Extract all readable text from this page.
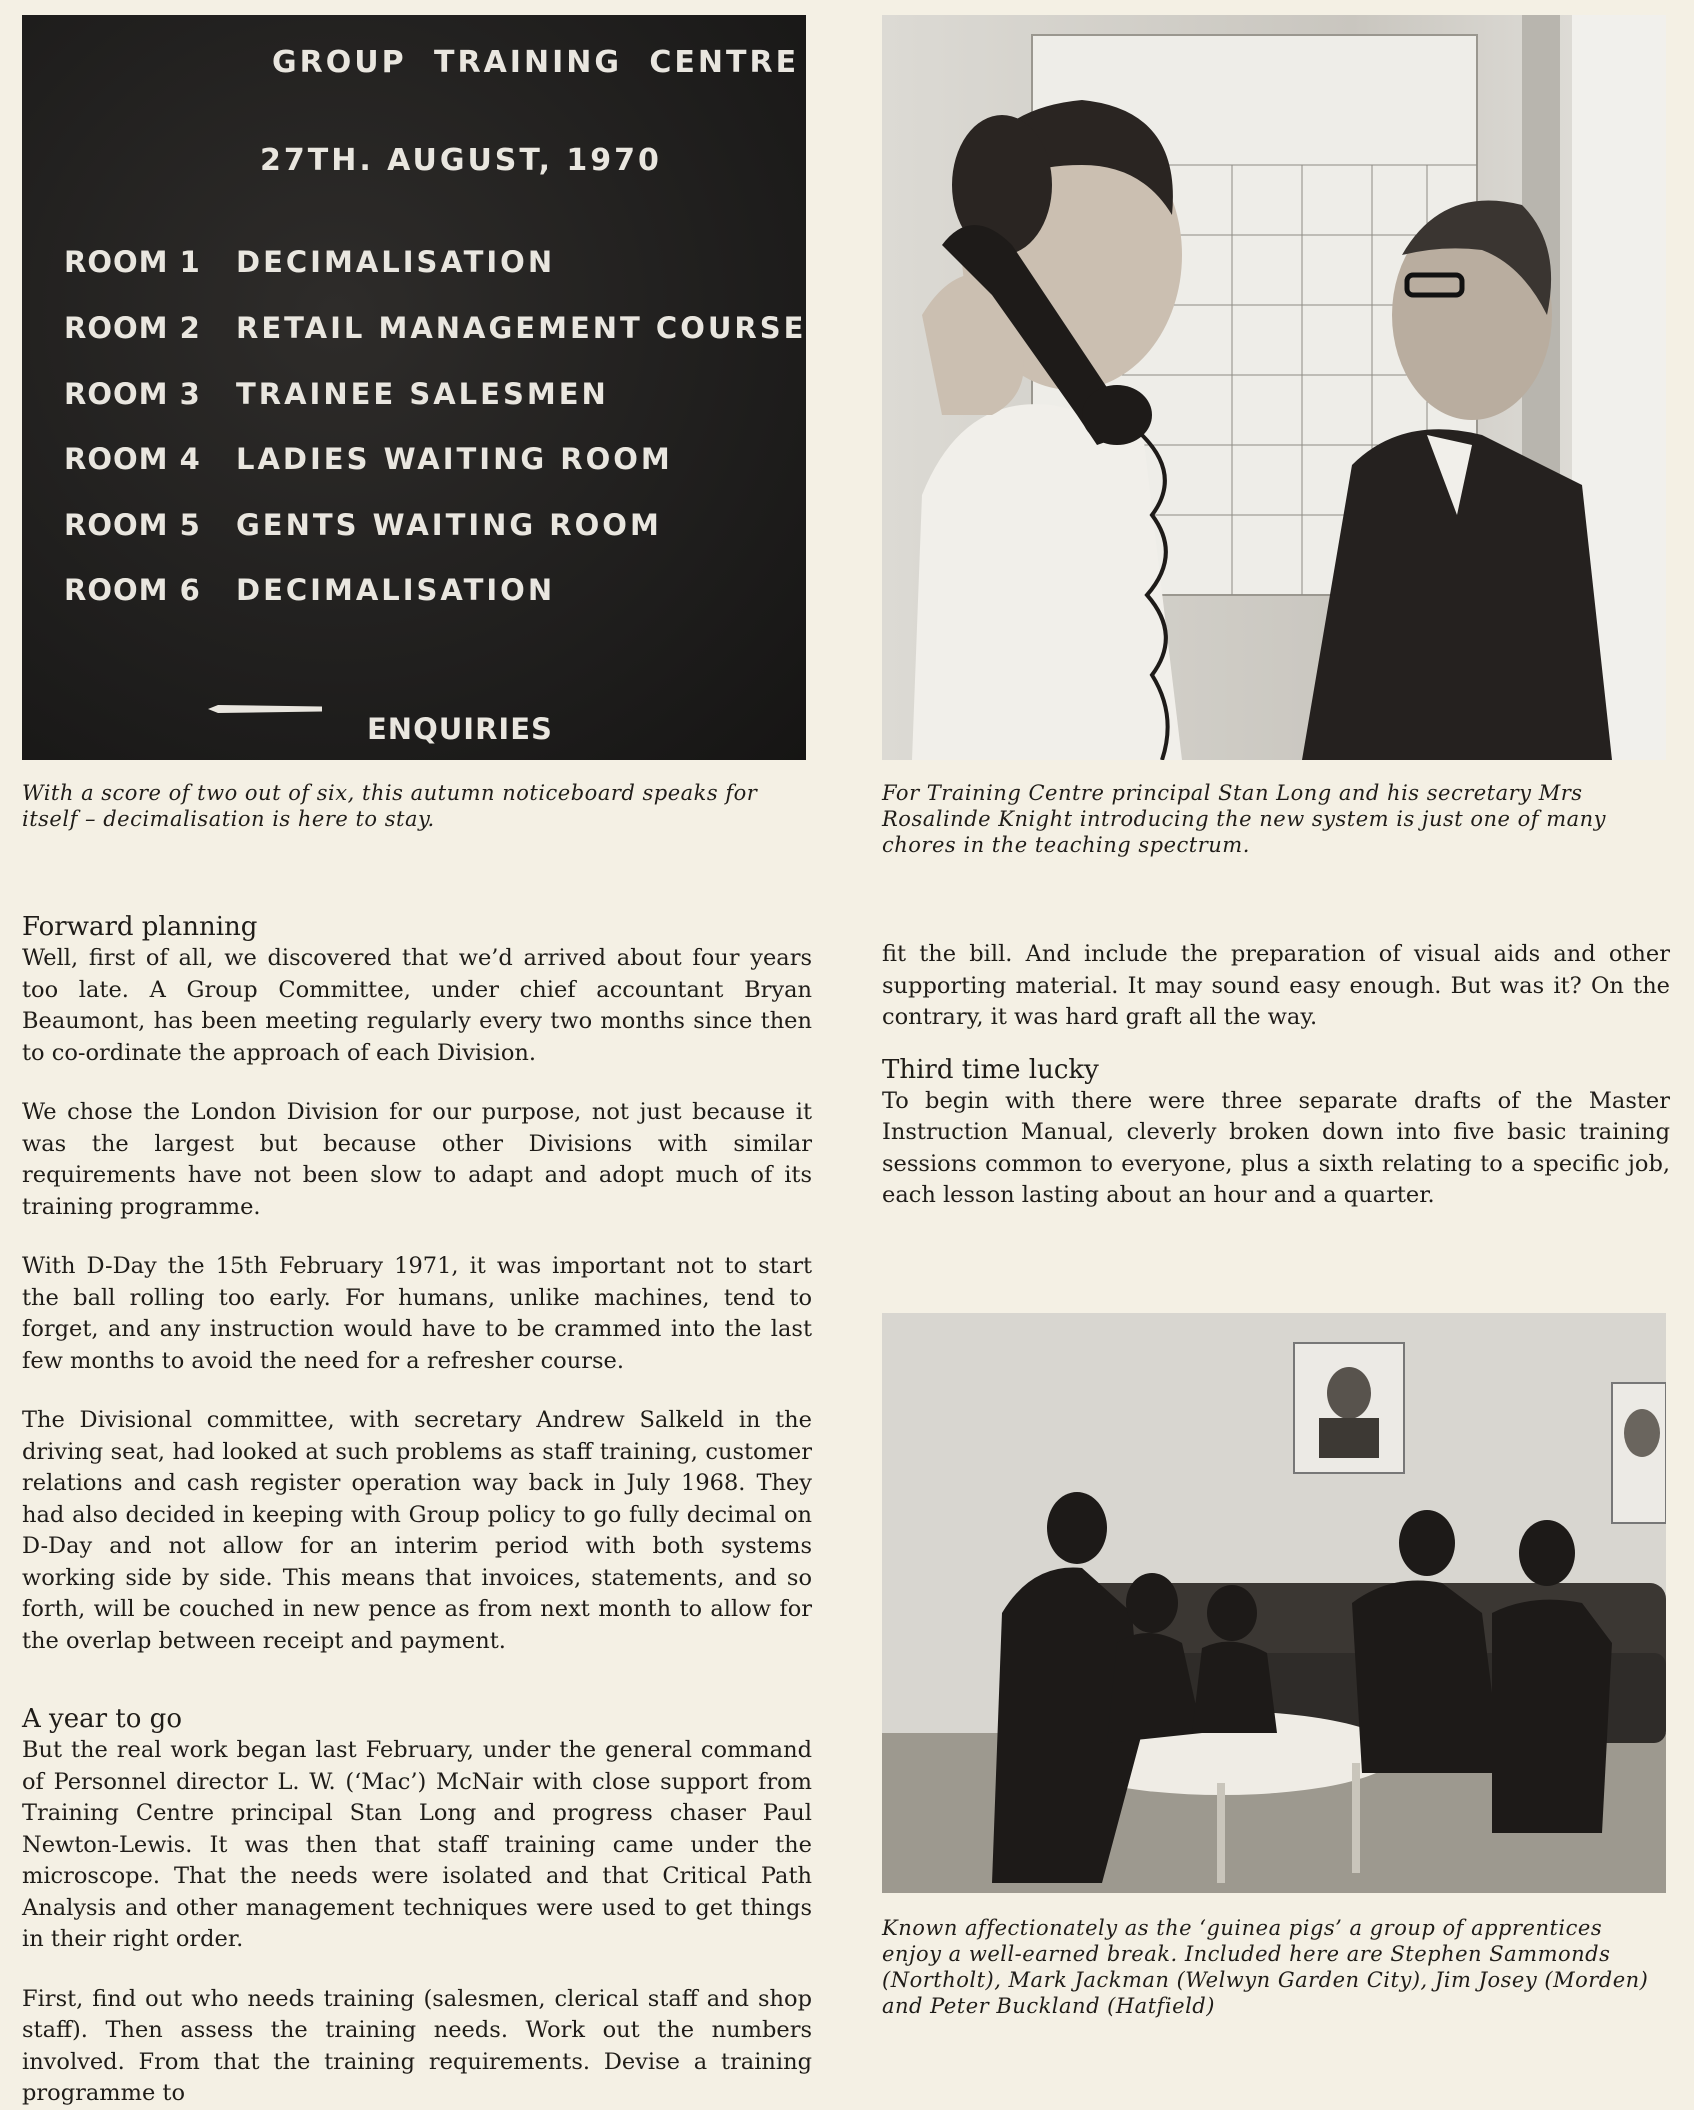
GROUP TRAINING CENTRE
27TH. AUGUST, 1970
ROOM 1 DECIMALISATION
ROOM 2 RETAIL MANAGEMENT COURSE
ROOM 3 TRAINEE SALESMEN
ROOM 4 LADIES WAITING ROOM
ROOM 5 GENTS WAITING ROOM
ROOM 6 DECIMALISATION
ENQUIRIES
With a score of two out of six, this autumn noticeboard speaks for itself – decimalisation is here to stay.
For Training Centre principal Stan Long and his secretary Mrs Rosalinde Knight introducing the new system is just one of many chores in the teaching spectrum.
Forward planning

Well, first of all, we discovered that we’d arrived about four years too late. A Group Committee, under chief accountant Bryan Beaumont, has been meeting regularly every two months since then to co-ordinate the approach of each Division.

We chose the London Division for our purpose, not just because it was the largest but because other Divisions with similar requirements have not been slow to adapt and adopt much of its training programme.

With D-Day the 15th February 1971, it was important not to start the ball rolling too early. For humans, unlike machines, tend to forget, and any instruction would have to be crammed into the last few months to avoid the need for a refresher course.

The Divisional committee, with secretary Andrew Salkeld in the driving seat, had looked at such problems as staff training, customer relations and cash register operation way back in July 1968. They had also decided in keeping with Group policy to go fully decimal on D-Day and not allow for an interim period with both systems working side by side. This means that invoices, statements, and so forth, will be couched in new pence as from next month to allow for the overlap between receipt and payment.

A year to go

But the real work began last February, under the general command of Personnel director L. W. (‘Mac’) McNair with close support from Training Centre principal Stan Long and progress chaser Paul Newton-Lewis. It was then that staff training came under the microscope. That the needs were isolated and that Critical Path Analysis and other management techniques were used to get things in their right order.

First, find out who needs training (salesmen, clerical staff and shop staff). Then assess the training needs. Work out the numbers involved. From that the training requirements. Devise a training programme to

fit the bill. And include the preparation of visual aids and other supporting material. It may sound easy enough. But was it? On the contrary, it was hard graft all the way.

Third time lucky

To begin with there were three separate drafts of the Master Instruction Manual, cleverly broken down into five basic training sessions common to everyone, plus a sixth relating to a specific job, each lesson lasting about an hour and a quarter.

Known affectionately as the ‘guinea pigs’ a group of apprentices enjoy a well-earned break. Included here are Stephen Sammonds (Northolt), Mark Jackman (Welwyn Garden City), Jim Josey (Morden) and Peter Buckland (Hatfield)
